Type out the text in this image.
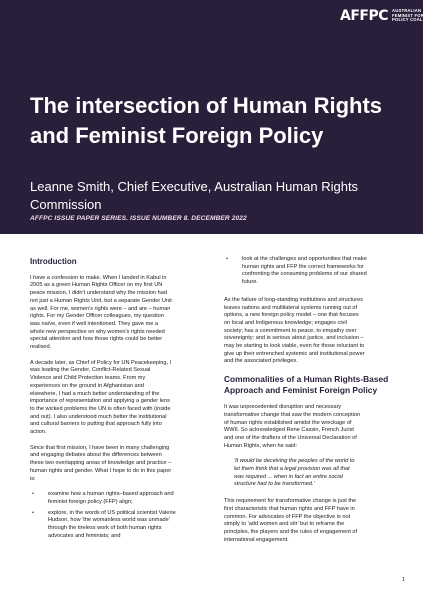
AFFPC AUSTRALIAN
FEMINIST FOREIGN
POLICY COALITION
The intersection of Human Rights
and Feminist Foreign Policy
Leanne Smith, Chief Executive, Australian Human Rights
Commission
AFFPC ISSUE PAPER SERIES. ISSUE NUMBER 8. DECEMBER 2022
Introduction

I have a confession to make. When I landed in Kabul in
2005 as a green Human Rights Officer on my first UN
peace mission, I didn't understand why the mission had
not just a Human Rights Unit, but a separate Gender Unit
as well. For me, women's rights were – and are – human
rights. For my Gender Officer colleagues, my question
was naïve, even if well intentioned. They gave me a
whole new perspective on why women's rights needed
special attention and how those rights could be better
realised.

A decade later, as Chief of Policy for UN Peacekeeping, I
was leading the Gender, Conflict-Related Sexual
Violence and Child Protection teams. From my
experiences on the ground in Afghanistan and
elsewhere, I had a much better understanding of the
importance of representation and applying a gender lens
to the wicked problems the UN is often faced with (inside
and out). I also understood much better the institutional
and cultural barriers to putting that approach fully into
action.

Since that first mission, I have been in many challenging
and engaging debates about the differences between
these two overlapping areas of knowledge and practice –
human rights and gender. What I hope to do in this paper
is:

•	examine how a human rights–based approach and
feminist foreign policy (FFP) align;
•	explore, in the words of US political scientist Valerie
Hudson, how 'the womanless world was unmade'
through the tireless work of both human rights
advocates and feminists; and
•	look at the challenges and opportunities that make
human rights and FFP the correct frameworks for
confronting the consuming problems of our shared
future.

As the failure of long-standing institutions and structures
leaves nations and multilateral systems running out of
options, a new foreign policy model – one that focuses
on local and Indigenous knowledge; engages civil
society; has a commitment to peace, to empathy over
sovereignty; and is serious about justice, and inclusion –
may be starting to look viable, even for those reluctant to
give up their entrenched systemic and institutional power
and the associated privileges.

Commonalities of a Human Rights-Based
Approach and Feminist Foreign Policy

It was unprecedented disruption and necessary
transformative change that saw the modern conception
of human rights established amidst the wreckage of
WWII. So acknowledged Rene Cassin, French Jurist
and one of the drafters of the Universal Declaration of
Human Rights, when he said:

'It would be deceiving the peoples of the world to
let them think that a legal provision was all that
was required ... when in fact an entire social
structure had to be transformed.'

This requirement for transformative change is just the
first characteristic that human rights and FFP have in
common. For advocates of FFP the objective is not
simply to 'add women and stir' but to reframe the
principles, the players and the rules of engagement of
international engagement.

1
